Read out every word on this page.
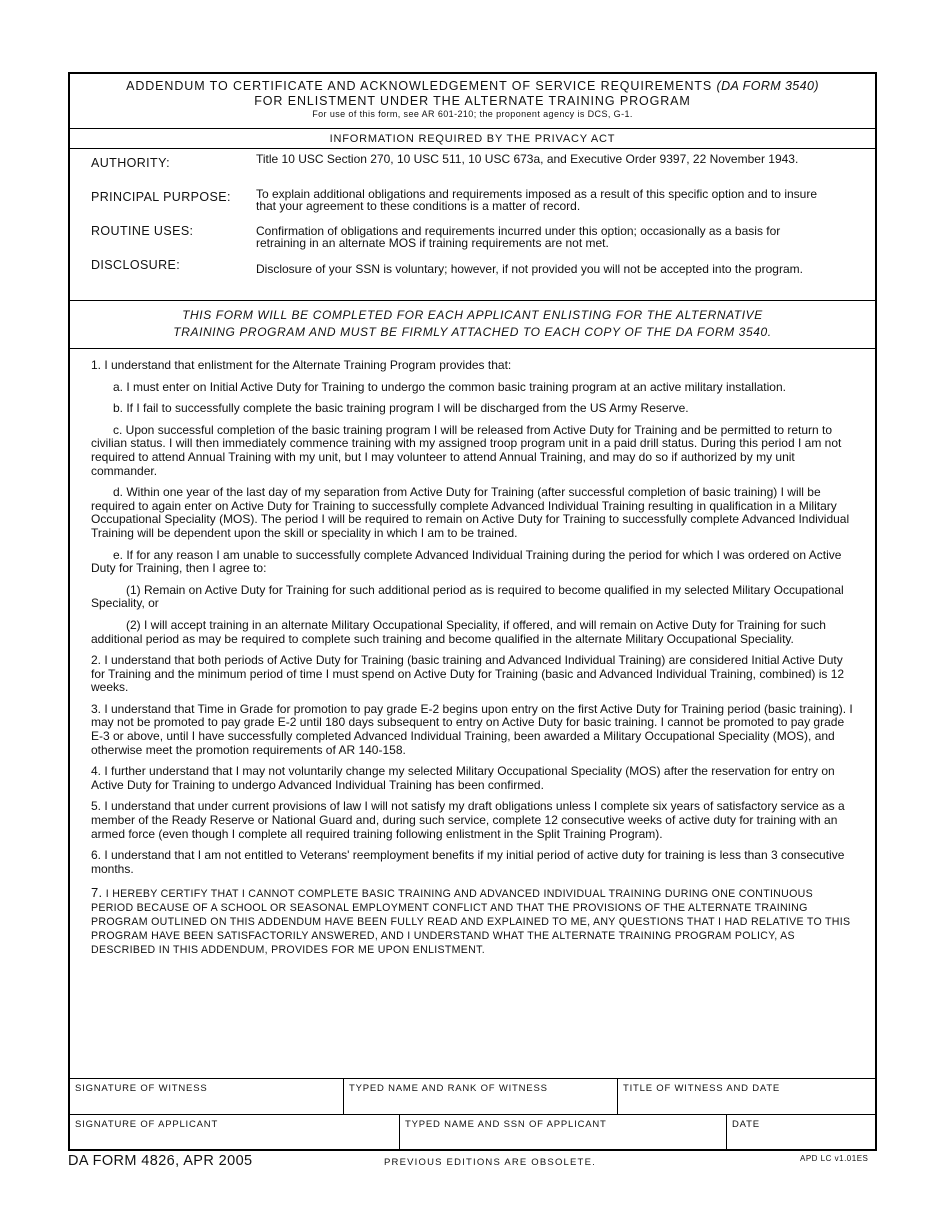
ADDENDUM TO CERTIFICATE AND ACKNOWLEDGEMENT OF SERVICE REQUIREMENTS (DA FORM 3540)
FOR ENLISTMENT UNDER THE ALTERNATE TRAINING PROGRAM
For use of this form, see AR 601-210; the proponent agency is DCS, G-1.
INFORMATION REQUIRED BY THE PRIVACY ACT
AUTHORITY:	Title 10 USC Section 270, 10 USC 511, 10 USC 673a, and Executive Order 9397, 22 November 1943.
PRINCIPAL PURPOSE: To explain additional obligations and requirements imposed as a result of this specific option and to insure that your agreement to these conditions is a matter of record.
ROUTINE USES:	Confirmation of obligations and requirements incurred under this option; occasionally as a basis for retraining in an alternate MOS if training requirements are not met.
DISCLOSURE:	Disclosure of your SSN is voluntary; however, if not provided you will not be accepted into the program.
THIS FORM WILL BE COMPLETED FOR EACH APPLICANT ENLISTING FOR THE ALTERNATIVE
TRAINING PROGRAM AND MUST BE FIRMLY ATTACHED TO EACH COPY OF THE DA FORM 3540.

1. I understand that enlistment for the Alternate Training Program provides that:

a. I must enter on Initial Active Duty for Training to undergo the common basic training program at an active military installation.

b. If I fail to successfully complete the basic training program I will be discharged from the US Army Reserve.

c. Upon successful completion of the basic training program I will be released from Active Duty for Training and be permitted to return to civilian status. I will then immediately commence training with my assigned troop program unit in a paid drill status. During this period I am not required to attend Annual Training with my unit, but I may volunteer to attend Annual Training, and may do so if authorized by my unit commander.

d. Within one year of the last day of my separation from Active Duty for Training (after successful completion of basic training) I will be required to again enter on Active Duty for Training to successfully complete Advanced Individual Training resulting in qualification in a Military Occupational Speciality (MOS). The period I will be required to remain on Active Duty for Training to successfully complete Advanced Individual Training will be dependent upon the skill or speciality in which I am to be trained.

e. If for any reason I am unable to successfully complete Advanced Individual Training during the period for which I was ordered on Active Duty for Training, then I agree to:

(1) Remain on Active Duty for Training for such additional period as is required to become qualified in my selected Military Occupational Speciality, or

(2) I will accept training in an alternate Military Occupational Speciality, if offered, and will remain on Active Duty for Training for such additional period as may be required to complete such training and become qualified in the alternate Military Occupational Speciality.

2. I understand that both periods of Active Duty for Training (basic training and Advanced Individual Training) are considered Initial Active Duty for Training and the minimum period of time I must spend on Active Duty for Training (basic and Advanced Individual Training, combined) is 12 weeks.

3. I understand that Time in Grade for promotion to pay grade E-2 begins upon entry on the first Active Duty for Training period (basic training). I may not be promoted to pay grade E-2 until 180 days subsequent to entry on Active Duty for basic training. I cannot be promoted to pay grade E-3 or above, until I have successfully completed Advanced Individual Training, been awarded a Military Occupational Speciality (MOS), and otherwise meet the promotion requirements of AR 140-158.

4. I further understand that I may not voluntarily change my selected Military Occupational Speciality (MOS) after the reservation for entry on Active Duty for Training to undergo Advanced Individual Training has been confirmed.

5. I understand that under current provisions of law I will not satisfy my draft obligations unless I complete six years of satisfactory service as a member of the Ready Reserve or National Guard and, during such service, complete 12 consecutive weeks of active duty for training with an armed force (even though I complete all required training following enlistment in the Split Training Program).

6. I understand that I am not entitled to Veterans' reemployment benefits if my initial period of active duty for training is less than 3 consecutive months.

7. I HEREBY CERTIFY THAT I CANNOT COMPLETE BASIC TRAINING AND ADVANCED INDIVIDUAL TRAINING DURING ONE CONTINUOUS PERIOD BECAUSE OF A SCHOOL OR SEASONAL EMPLOYMENT CONFLICT AND THAT THE PROVISIONS OF THE ALTERNATE TRAINING PROGRAM OUTLINED ON THIS ADDENDUM HAVE BEEN FULLY READ AND EXPLAINED TO ME, ANY QUESTIONS THAT I HAD RELATIVE TO THIS PROGRAM HAVE BEEN SATISFACTORILY ANSWERED, AND I UNDERSTAND WHAT THE ALTERNATE TRAINING PROGRAM POLICY, AS DESCRIBED IN THIS ADDENDUM, PROVIDES FOR ME UPON ENLISTMENT.

SIGNATURE OF WITNESS	TYPED NAME AND RANK OF WITNESS	TITLE OF WITNESS AND DATE
SIGNATURE OF APPLICANT	TYPED NAME AND SSN OF APPLICANT	DATE
DA FORM 4826, APR 2005	PREVIOUS EDITIONS ARE OBSOLETE.	APD LC v1.01ES
